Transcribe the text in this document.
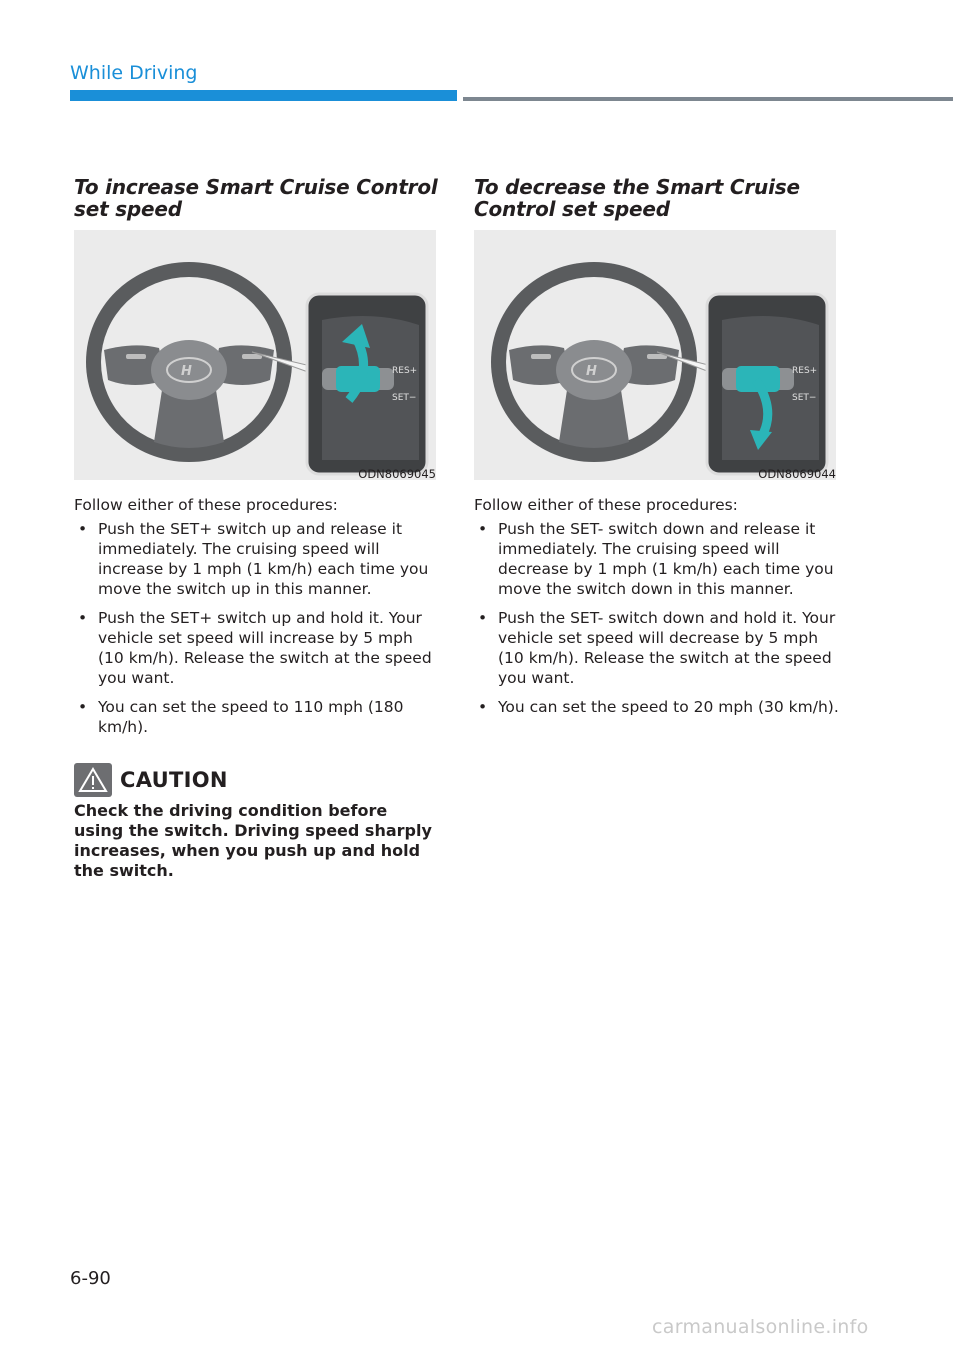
While Driving
To increase Smart Cruise Control set speed
H	RES+
SET−
ODN8069045
Follow either of these procedures:
• Push the SET+ switch up and release it immediately. The cruising speed will increase by 1 mph (1 km/h) each time you move the switch up in this manner.
• Push the SET+ switch up and hold it. Your vehicle set speed will increase by 5 mph (10 km/h). Release the switch at the speed you want.
• You can set the speed to 110 mph (180 km/h).
CAUTION
Check the driving condition before using the switch. Driving speed sharply increases, when you push up and hold the switch.
To decrease the Smart Cruise Control set speed
H	RES+
SET−
ODN8069044
Follow either of these procedures:
• Push the SET- switch down and release it immediately. The cruising speed will decrease by 1 mph (1 km/h) each time you move the switch down in this manner.
• Push the SET- switch down and hold it. Your vehicle set speed will decrease by 5 mph (10 km/h). Release the switch at the speed you want.
• You can set the speed to 20 mph (30 km/h).
6-90
carmanualsonline.info
